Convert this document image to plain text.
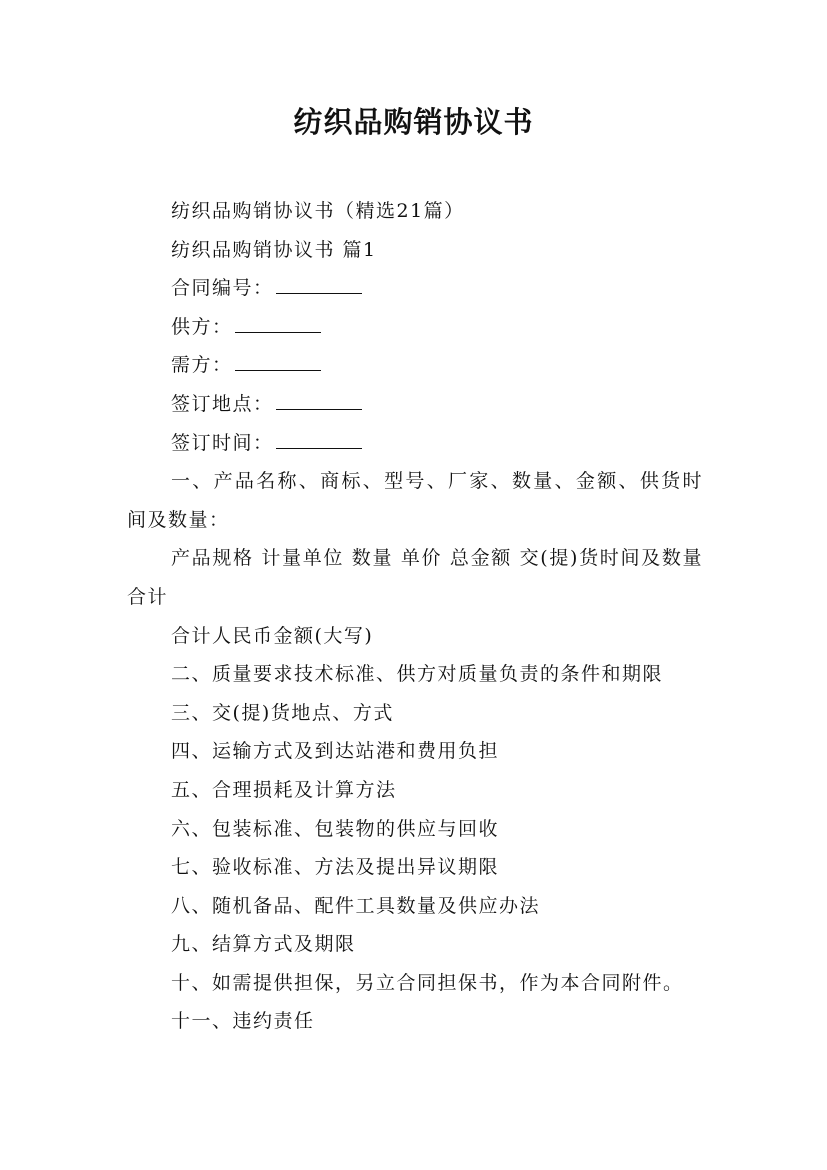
纺织品购销协议书

纺织品购销协议书（精选21篇）

纺织品购销协议书 篇1

合同编号：

供方：

需方：

签订地点：

签订时间：

一、产品名称、商标、型号、厂家、数量、金额、供货时间及数量：

产品规格 计量单位 数量 单价 总金额 交(提)货时间及数量合计

合计人民币金额(大写)

二、质量要求技术标准、供方对质量负责的条件和期限

三、交(提)货地点、方式

四、运输方式及到达站港和费用负担

五、合理损耗及计算方法

六、包装标准、包装物的供应与回收

七、验收标准、方法及提出异议期限

八、随机备品、配件工具数量及供应办法

九、结算方式及期限

十、如需提供担保，另立合同担保书，作为本合同附件。

十一、违约责任
